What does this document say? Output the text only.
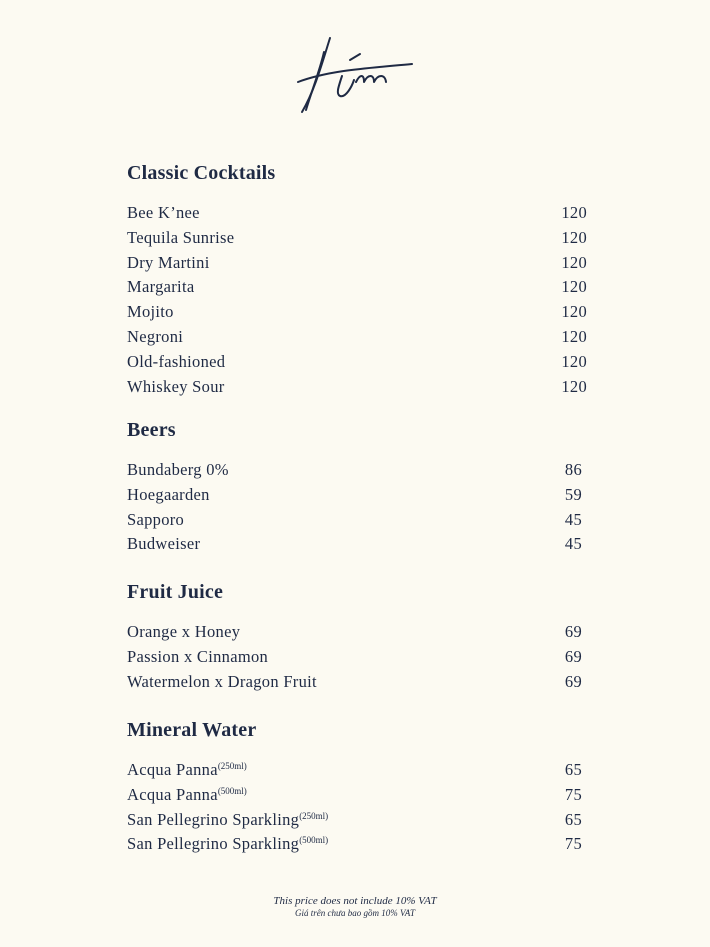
Classic Cocktails
Bee K’nee	120
Tequila Sunrise	120
Dry Martini	120
Margarita	120
Mojito	120
Negroni	120
Old-fashioned	120
Whiskey Sour	120
Beers
Bundaberg 0%	86
Hoegaarden	59
Sapporo	45
Budweiser	45
Fruit Juice
Orange x Honey	69
Passion x Cinnamon	69
Watermelon x Dragon Fruit	69
Mineral Water
Acqua Panna$^{(250ml)}$	65
Acqua Panna$^{(500ml)}$	75
San Pellegrino Sparkling$^{(250ml)}$	65
San Pellegrino Sparkling$^{(500ml)}$	75
This price does not include 10% VAT
Giá trên chưa bao gồm 10% VAT
